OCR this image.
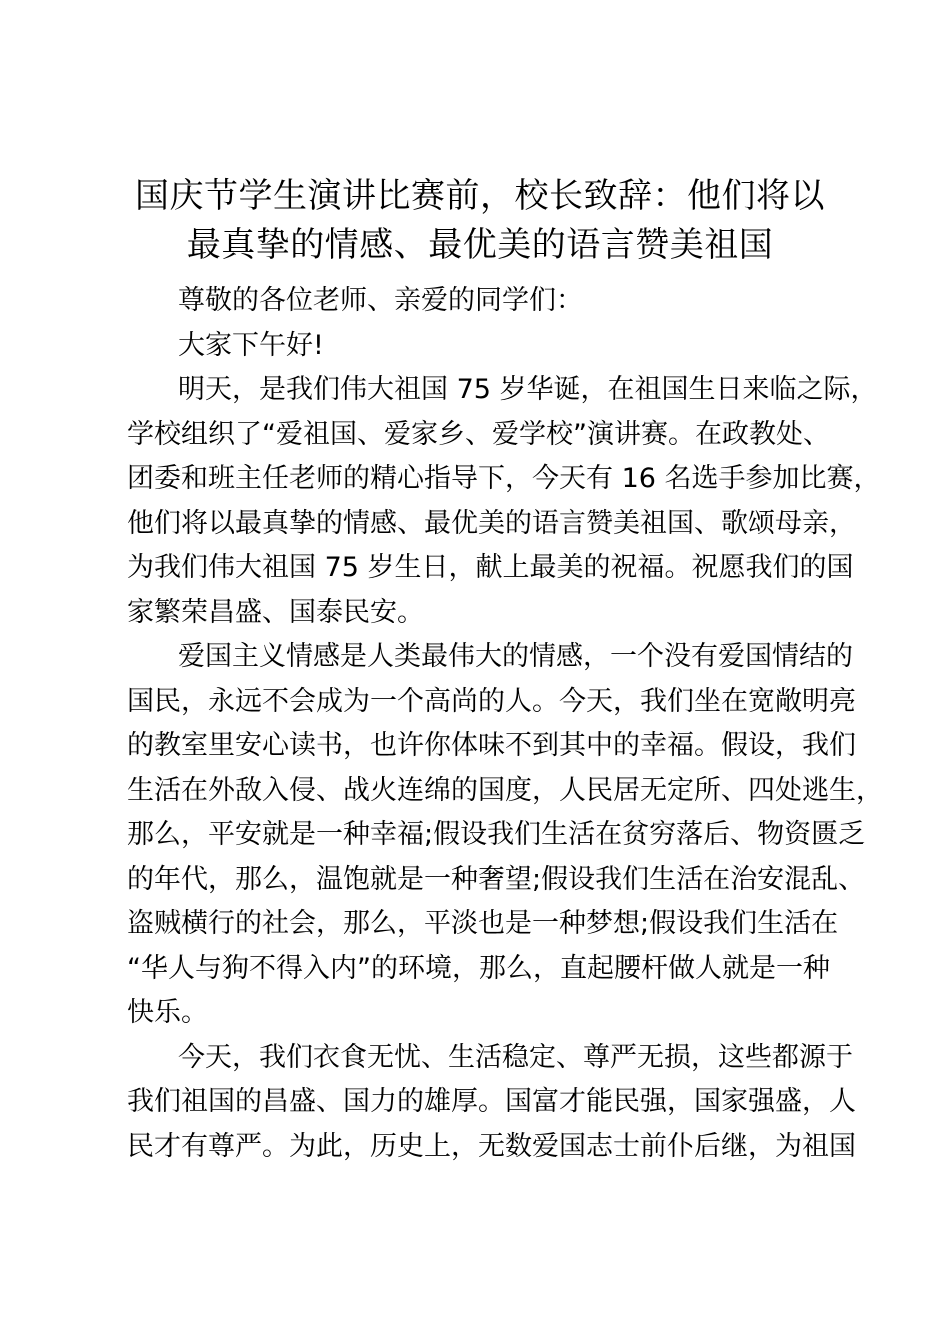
国庆节学生演讲比赛前，校长致辞：他们将以
最真挚的情感、最优美的语言赞美祖国
尊敬的各位老师、亲爱的同学们：
大家下午好!
明天，是我们伟大祖国 75 岁华诞，在祖国生日来临之际，
学校组织了“爱祖国、爱家乡、爱学校”演讲赛。在政教处、
团委和班主任老师的精心指导下，今天有 16 名选手参加比赛，
他们将以最真挚的情感、最优美的语言赞美祖国、歌颂母亲，
为我们伟大祖国 75 岁生日，献上最美的祝福。祝愿我们的国
家繁荣昌盛、国泰民安。
爱国主义情感是人类最伟大的情感，一个没有爱国情结的
国民，永远不会成为一个高尚的人。今天，我们坐在宽敞明亮
的教室里安心读书，也许你体味不到其中的幸福。假设，我们
生活在外敌入侵、战火连绵的国度，人民居无定所、四处逃生，
那么，平安就是一种幸福;假设我们生活在贫穷落后、物资匮乏
的年代，那么，温饱就是一种奢望;假设我们生活在治安混乱、
盗贼横行的社会，那么，平淡也是一种梦想;假设我们生活在
“华人与狗不得入内”的环境，那么，直起腰杆做人就是一种
快乐。
今天，我们衣食无忧、生活稳定、尊严无损，这些都源于
我们祖国的昌盛、国力的雄厚。国富才能民强，国家强盛，人
民才有尊严。为此，历史上，无数爱国志士前仆后继，为祖国
